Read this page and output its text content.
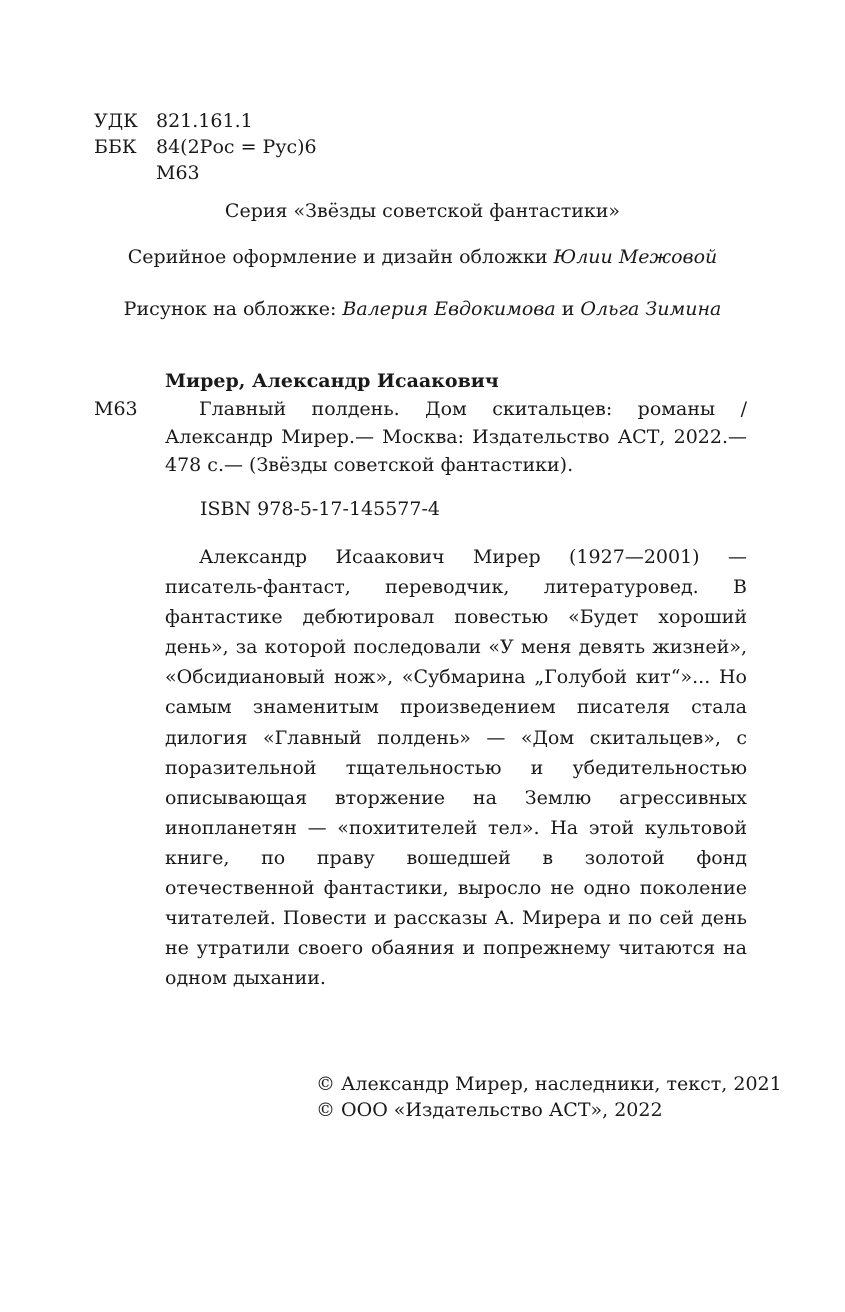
УДК 821.161.1
ББК 84(2Рос = Рус)6
М63
Серия «Звёзды советской фантастики»
Серийное оформление и дизайн обложки Юлии Межовой
Рисунок на обложке: Валерия Евдокимова и Ольга Зимина
Мирер, Александр Исаакович
М63	Главный полдень. Дом скитальцев: романы / Александр Мирер.— Москва: Издательство АСТ, 2022.— 478 с.— (Звёзды советской фантастики).

ISBN 978-5-17-145577-4

Александр Исаакович Мирер (1927—2001) — писатель-фантаст, переводчик, литературовед. В фантастике дебютировал повестью «Будет хороший день», за которой последовали «У меня девять жизней», «Обсидиановый нож», «Субмарина „Голубой кит“»... Но самым знаменитым произведением писателя стала дилогия «Главный полдень» — «Дом скитальцев», с поразительной тщательностью и убедительностью описывающая вторжение на Землю агрессивных инопланетян — «похитителей тел». На этой культовой книге, по праву вошедшей в золотой фонд отечественной фантастики, выросло не одно поколение читателей. Повести и рассказы А. Мирера и по сей день не утратили своего обаяния и попрежнему читаются на одном дыхании.

© Александр Мирер, наследники, текст, 2021
© ООО «Издательство АСТ», 2022
